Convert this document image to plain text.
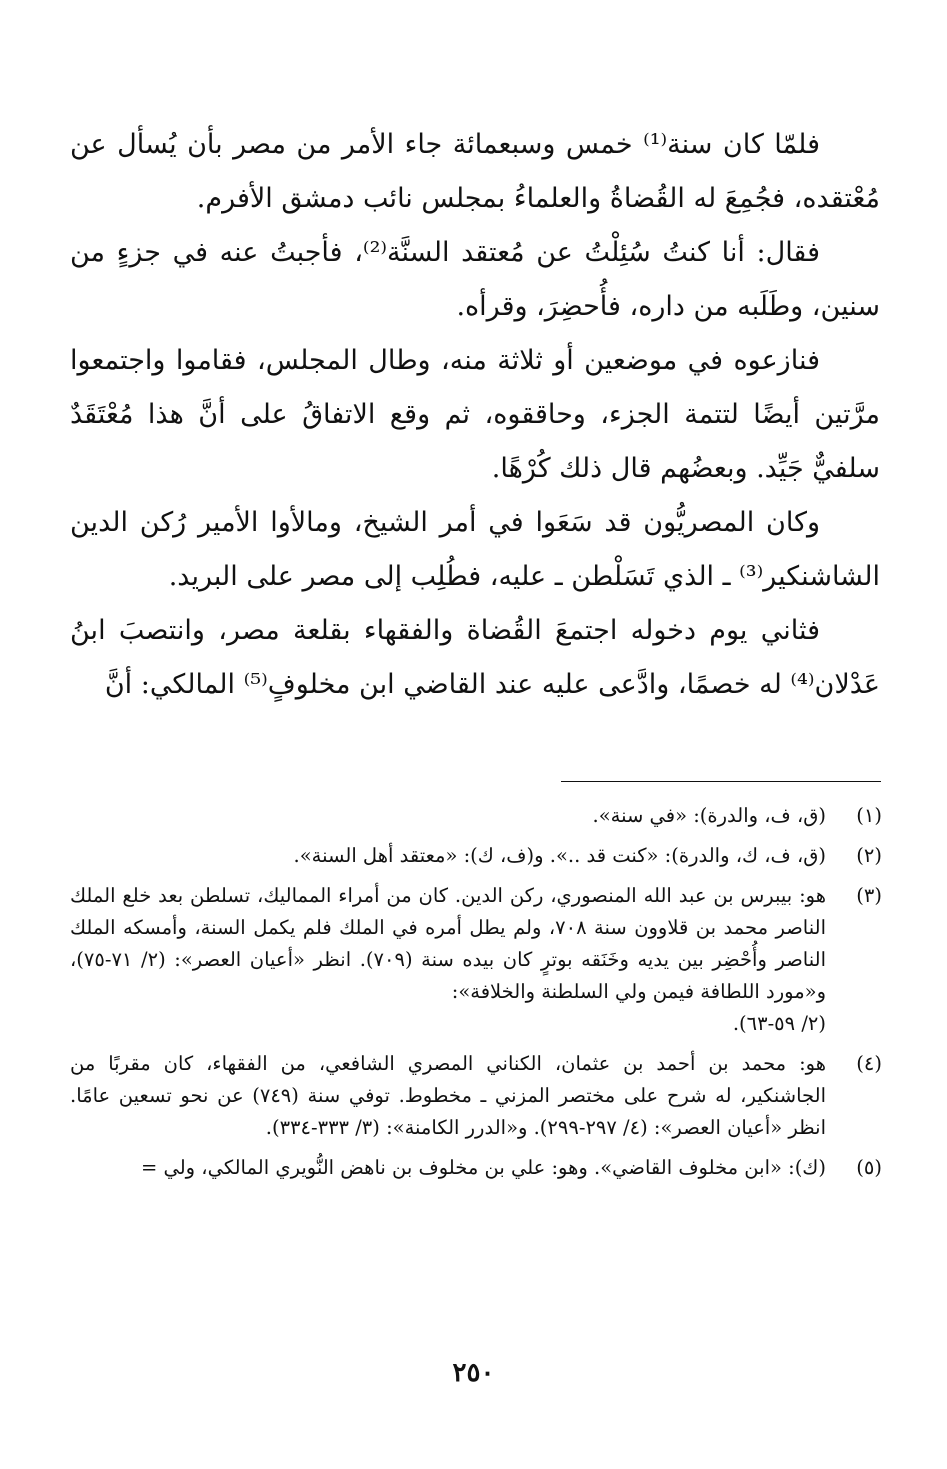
فلمّا كان سنة⁽¹⁾ خمس وسبعمائة جاء الأمر من مصر بأن يُسأل عن مُعْتقده، فجُمِعَ له القُضاةُ والعلماءُ بمجلس نائب دمشق الأفرم.

فقال: أنا كنتُ سُئِلْتُ عن مُعتقد السنَّة⁽²⁾، فأجبتُ عنه في جزءٍ من سنين، وطَلَبه من داره، فأُحضِرَ، وقرأه.

فنازعوه في موضعين أو ثلاثة منه، وطال المجلس، فقاموا واجتمعوا مرَّتين أيضًا لتتمة الجزء، وحاققوه، ثم وقع الاتفاقُ على أنَّ هذا مُعْتَقَدٌ سلفيٌّ جَيِّد. وبعضُهم قال ذلك كُرْهًا.

وكان المصريُّون قد سَعَوا في أمر الشيخ، ومالأوا الأمير رُكن الدين الشاشنكير⁽³⁾ ـ الذي تَسَلْطن ـ عليه، فطُلِب إلى مصر على البريد.

فثاني يوم دخوله اجتمعَ القُضاة والفقهاء بقلعة مصر، وانتصبَ ابنُ عَدْلان⁽⁴⁾ له خصمًا، وادَّعى عليه عند القاضي ابن مخلوفٍ⁽⁵⁾ المالكي: أنَّ

(١)

(ق، ف، والدرة): «في سنة».

(٢)

(ق، ف، ك، والدرة): «كنت قد ..». و(ف، ك): «معتقد أهل السنة».

(٣)

هو: بيبرس بن عبد الله المنصوري، ركن الدين. كان من أمراء المماليك، تسلطن بعد خلع الملك الناصر محمد بن قلاوون سنة ٧٠٨، ولم يطل أمره في الملك فلم يكمل السنة، وأمسكه الملك الناصر وأُحْضِر بين يديه وخَنَقه بوترٍ كان بيده سنة (٧٠٩). انظر «أعيان العصر»: (٢/ ٧١-٧٥)، و«مورد اللطافة فيمن ولي السلطنة والخلافة»:

(٢/ ٥٩-٦٣).

(٤)

هو: محمد بن أحمد بن عثمان، الكناني المصري الشافعي، من الفقهاء، كان مقربًا من الجاشنكير، له شرح على مختصر المزني ـ مخطوط. توفي سنة (٧٤٩) عن نحو تسعين عامًا. انظر «أعيان العصر»: (٤/ ٢٩٧-٢٩٩). و«الدرر الكامنة»: (٣/ ٣٣٣-٣٣٤).

(٥)

(ك): «ابن مخلوف القاضي». وهو: علي بن مخلوف بن ناهض النُّويري المالكي، ولي =

٢٥٠
